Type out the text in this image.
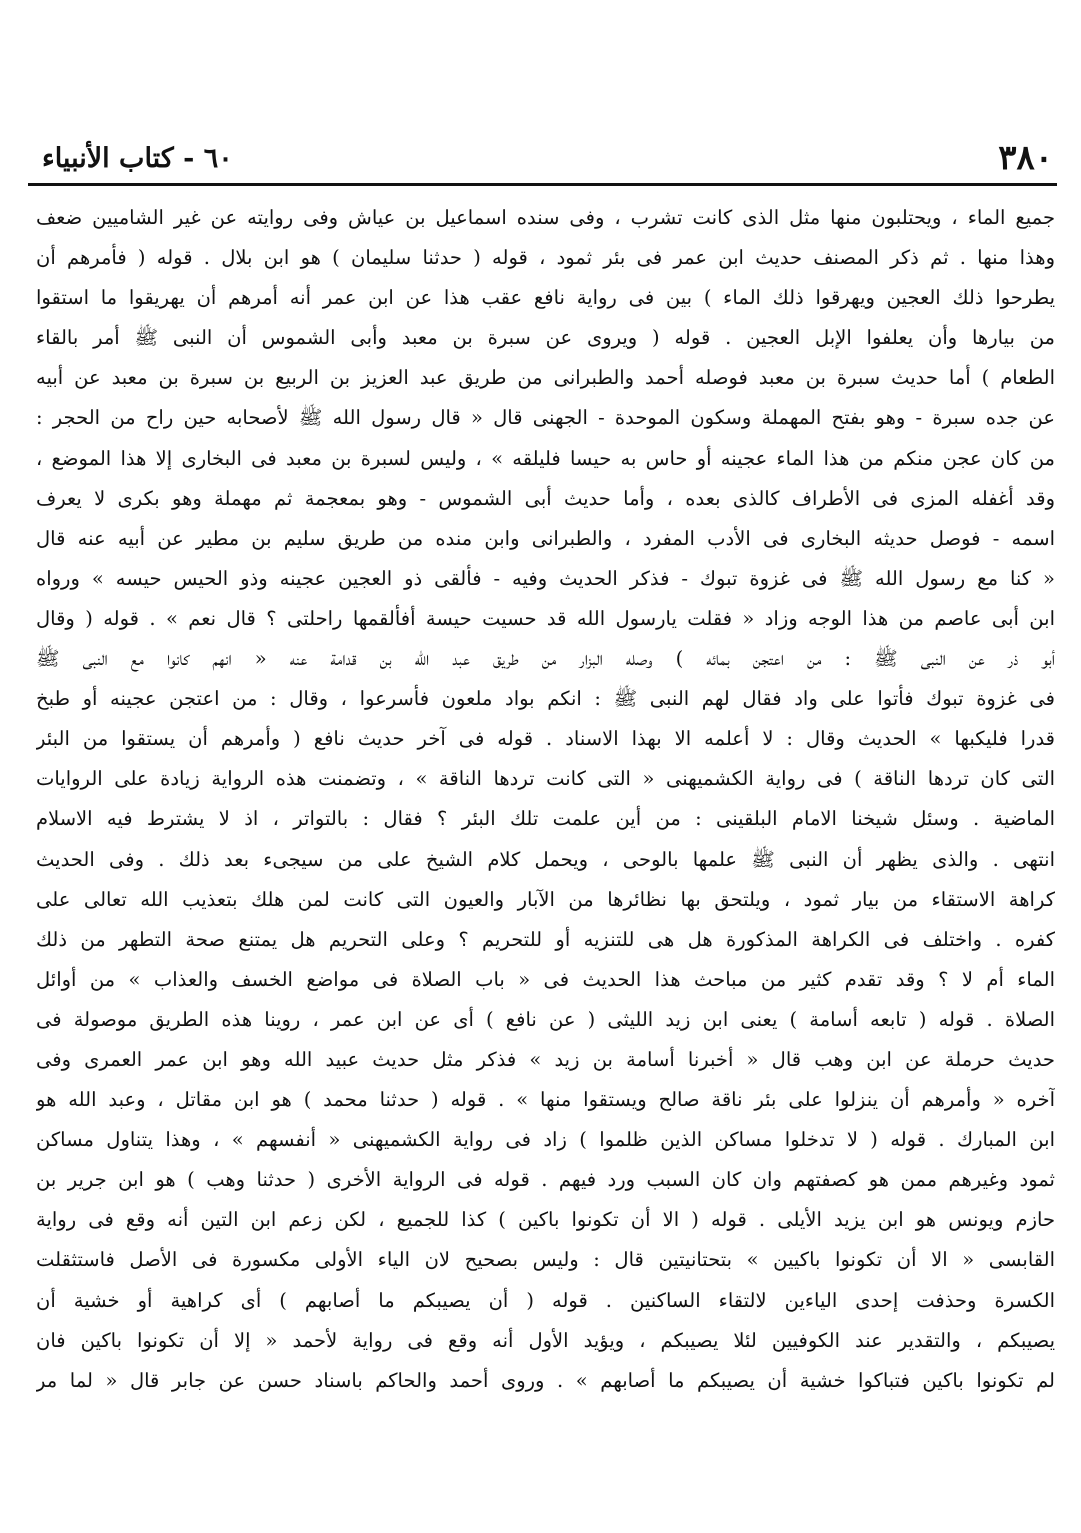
٣٨٠
٦٠ - كتاب الأنبياء
جميع الماء ، ويحتلبون منها مثل الذى كانت تشرب ، وفى سنده اسماعيل بن عياش وفى روايته عن غير الشاميين ضعف
وهذا منها . ثم ذكر المصنف حديث ابن عمر فى بئر ثمود ، قوله ( حدثنا سليمان ) هو ابن بلال . قوله ( فأمرهم أن
يطرحوا ذلك العجين ويهرقوا ذلك الماء ) بين فى رواية نافع عقب هذا عن ابن عمر أنه أمرهم أن يهريقوا ما استقوا
من بيارها وأن يعلفوا الإبل العجين . قوله ( ويروى عن سبرة بن معبد وأبى الشموس أن النبى ﷺ أمر بالقاء
الطعام ) أما حديث سبرة بن معبد فوصله أحمد والطبرانى من طريق عبد العزيز بن الربيع بن سبرة بن معبد عن أبيه
عن جده سبرة - وهو بفتح المهملة وسكون الموحدة - الجهنى قال « قال رسول الله ﷺ لأصحابه حين راح من الحجر :
من كان عجن منكم من هذا الماء عجينه أو حاس به حيسا فليلقه » ، وليس لسبرة بن معبد فى البخارى إلا هذا الموضع ،
وقد أغفله المزى فى الأطراف كالذى بعده ، وأما حديث أبى الشموس - وهو بمعجمة ثم مهملة وهو بكرى لا يعرف
اسمه - فوصل حديثه البخارى فى الأدب المفرد ، والطبرانى وابن منده من طريق سليم بن مطير عن أبيه عنه قال
« كنا مع رسول الله ﷺ فى غزوة تبوك - فذكر الحديث وفيه - فألقى ذو العجين عجينه وذو الحيس حيسه » ورواه
ابن أبى عاصم من هذا الوجه وزاد « فقلت يارسول الله قد حسيت حيسة أفألقمها راحلتى ؟ قال نعم » . قوله ( وقال
أبو ذر عن النبى ﷺ : من اعتجن بمائه ) وصله البزار من طريق عبد الله بن قدامة عنه « انهم كانوا مع النبى ﷺ
فى غزوة تبوك فأتوا على واد فقال لهم النبى ﷺ : انكم بواد ملعون فأسرعوا ، وقال : من اعتجن عجينه أو طبخ
قدرا فليكبها » الحديث وقال : لا أعلمه الا بهذا الاسناد . قوله فى آخر حديث نافع ( وأمرهم أن يستقوا من البئر
التى كان تردها الناقة ) فى رواية الكشميهنى « التى كانت تردها الناقة » ، وتضمنت هذه الرواية زيادة على الروايات
الماضية . وسئل شيخنا الامام البلقينى : من أين علمت تلك البئر ؟ فقال : بالتواتر ، اذ لا يشترط فيه الاسلام
انتهى . والذى يظهر أن النبى ﷺ علمها بالوحى ، ويحمل كلام الشيخ على من سيجىء بعد ذلك . وفى الحديث
كراهة الاستقاء من بيار ثمود ، ويلتحق بها نظائرها من الآبار والعيون التى كانت لمن هلك بتعذيب الله تعالى على
كفره . واختلف فى الكراهة المذكورة هل هى للتنزيه أو للتحريم ؟ وعلى التحريم هل يمتنع صحة التطهر من ذلك
الماء أم لا ؟ وقد تقدم كثير من مباحث هذا الحديث فى « باب الصلاة فى مواضع الخسف والعذاب » من أوائل
الصلاة . قوله ( تابعه أسامة ) يعنى ابن زيد الليثى ( عن نافع ) أى عن ابن عمر ، روينا هذه الطريق موصولة فى
حديث حرملة عن ابن وهب قال « أخبرنا أسامة بن زيد » فذكر مثل حديث عبيد الله وهو ابن عمر العمرى وفى
آخره « وأمرهم أن ينزلوا على بئر ناقة صالح ويستقوا منها » . قوله ( حدثنا محمد ) هو ابن مقاتل ، وعبد الله هو
ابن المبارك . قوله ( لا تدخلوا مساكن الذين ظلموا ) زاد فى رواية الكشميهنى « أنفسهم » ، وهذا يتناول مساكن
ثمود وغيرهم ممن هو كصفتهم وان كان السبب ورد فيهم . قوله فى الرواية الأخرى ( حدثنا وهب ) هو ابن جرير بن
حازم ويونس هو ابن يزيد الأيلى . قوله ( الا أن تكونوا باكين ) كذا للجميع ، لكن زعم ابن التين أنه وقع فى رواية
القابسى « الا أن تكونوا باكيين » بتحتانيتين قال : وليس بصحيح لان الياء الأولى مكسورة فى الأصل فاستثقلت
الكسرة وحذفت إحدى الياءين لالتقاء الساكنين . قوله ( أن يصيبكم ما أصابهم ) أى كراهية أو خشية أن
يصيبكم ، والتقدير عند الكوفيين لئلا يصيبكم ، ويؤيد الأول أنه وقع فى رواية لأحمد « إلا أن تكونوا باكين فان
لم تكونوا باكين فتباكوا خشية أن يصيبكم ما أصابهم » . وروى أحمد والحاكم باسناد حسن عن جابر قال « لما مر
